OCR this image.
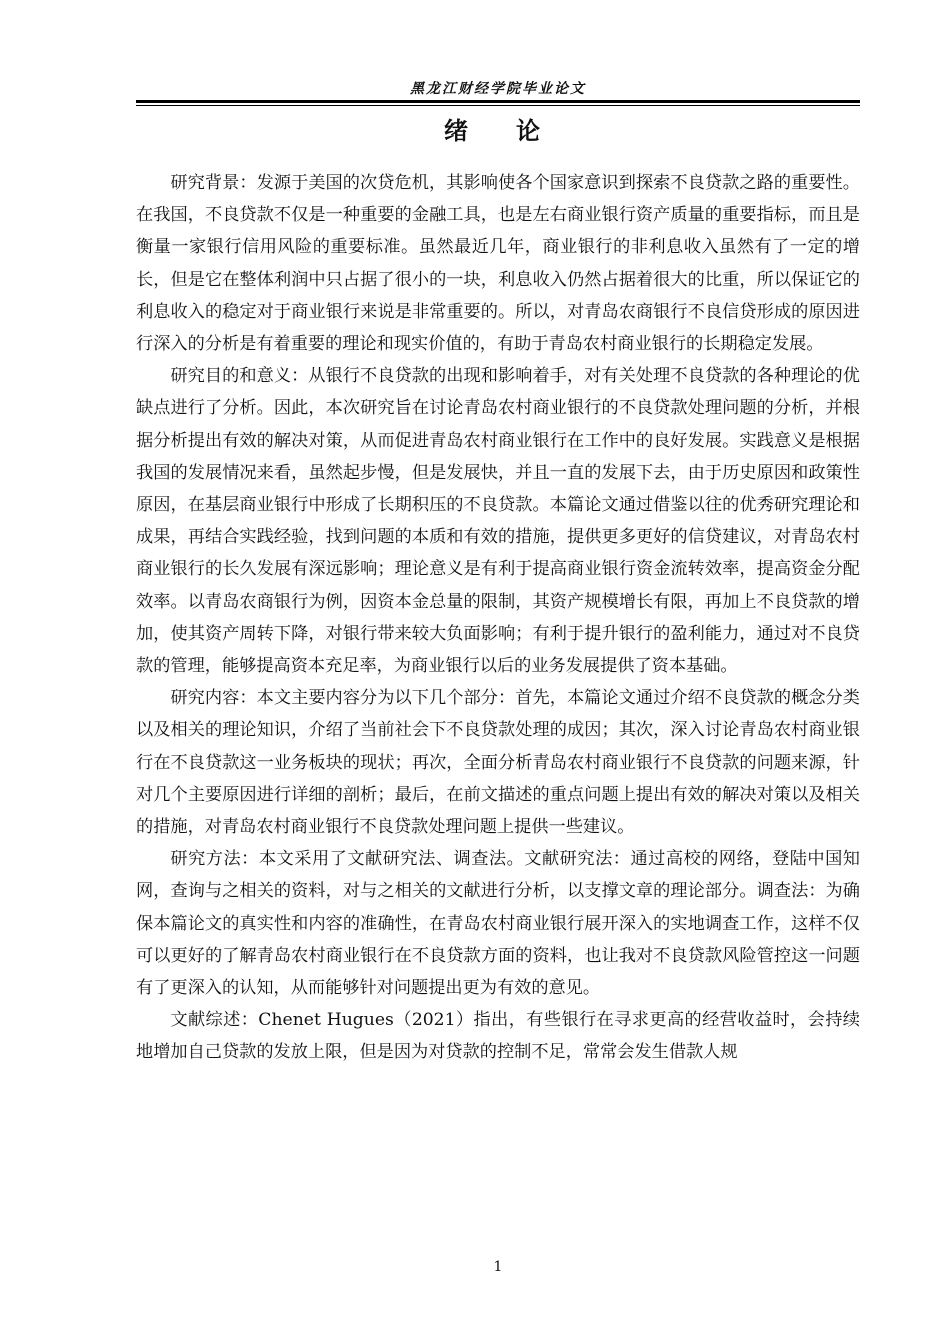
黑龙江财经学院毕业论文
绪　论

研究背景：发源于美国的次贷危机，其影响使各个国家意识到探索不良贷款之路的重要性。在我国，不良贷款不仅是一种重要的金融工具，也是左右商业银行资产质量的重要指标，而且是衡量一家银行信用风险的重要标准。虽然最近几年，商业银行的非利息收入虽然有了一定的增长，但是它在整体利润中只占据了很小的一块，利息收入仍然占据着很大的比重，所以保证它的利息收入的稳定对于商业银行来说是非常重要的。所以，对青岛农商银行不良信贷形成的原因进行深入的分析是有着重要的理论和现实价值的，有助于青岛农村商业银行的长期稳定发展。

研究目的和意义：从银行不良贷款的出现和影响着手，对有关处理不良贷款的各种理论的优缺点进行了分析。因此，本次研究旨在讨论青岛农村商业银行的不良贷款处理问题的分析，并根据分析提出有效的解决对策，从而促进青岛农村商业银行在工作中的良好发展。实践意义是根据我国的发展情况来看，虽然起步慢，但是发展快，并且一直的发展下去，由于历史原因和政策性原因，在基层商业银行中形成了长期积压的不良贷款。本篇论文通过借鉴以往的优秀研究理论和成果，再结合实践经验，找到问题的本质和有效的措施，提供更多更好的信贷建议，对青岛农村商业银行的长久发展有深远影响；理论意义是有利于提高商业银行资金流转效率，提高资金分配效率。以青岛农商银行为例，因资本金总量的限制，其资产规模增长有限，再加上不良贷款的增加，使其资产周转下降，对银行带来较大负面影响；有利于提升银行的盈利能力，通过对不良贷款的管理，能够提高资本充足率，为商业银行以后的业务发展提供了资本基础。

研究内容：本文主要内容分为以下几个部分：首先，本篇论文通过介绍不良贷款的概念分类以及相关的理论知识，介绍了当前社会下不良贷款处理的成因；其次，深入讨论青岛农村商业银行在不良贷款这一业务板块的现状；再次，全面分析青岛农村商业银行不良贷款的问题来源，针对几个主要原因进行详细的剖析；最后，在前文描述的重点问题上提出有效的解决对策以及相关的措施，对青岛农村商业银行不良贷款处理问题上提供一些建议。

研究方法：本文采用了文献研究法、调查法。文献研究法：通过高校的网络，登陆中国知网，查询与之相关的资料，对与之相关的文献进行分析，以支撑文章的理论部分。调查法：为确保本篇论文的真实性和内容的准确性，在青岛农村商业银行展开深入的实地调查工作，这样不仅可以更好的了解青岛农村商业银行在不良贷款方面的资料，也让我对不良贷款风险管控这一问题有了更深入的认知，从而能够针对问题提出更为有效的意见。

文献综述：Chenet Hugues（2021）指出，有些银行在寻求更高的经营收益时，会持续地增加自己贷款的发放上限，但是因为对贷款的控制不足，常常会发生借款人规

1
